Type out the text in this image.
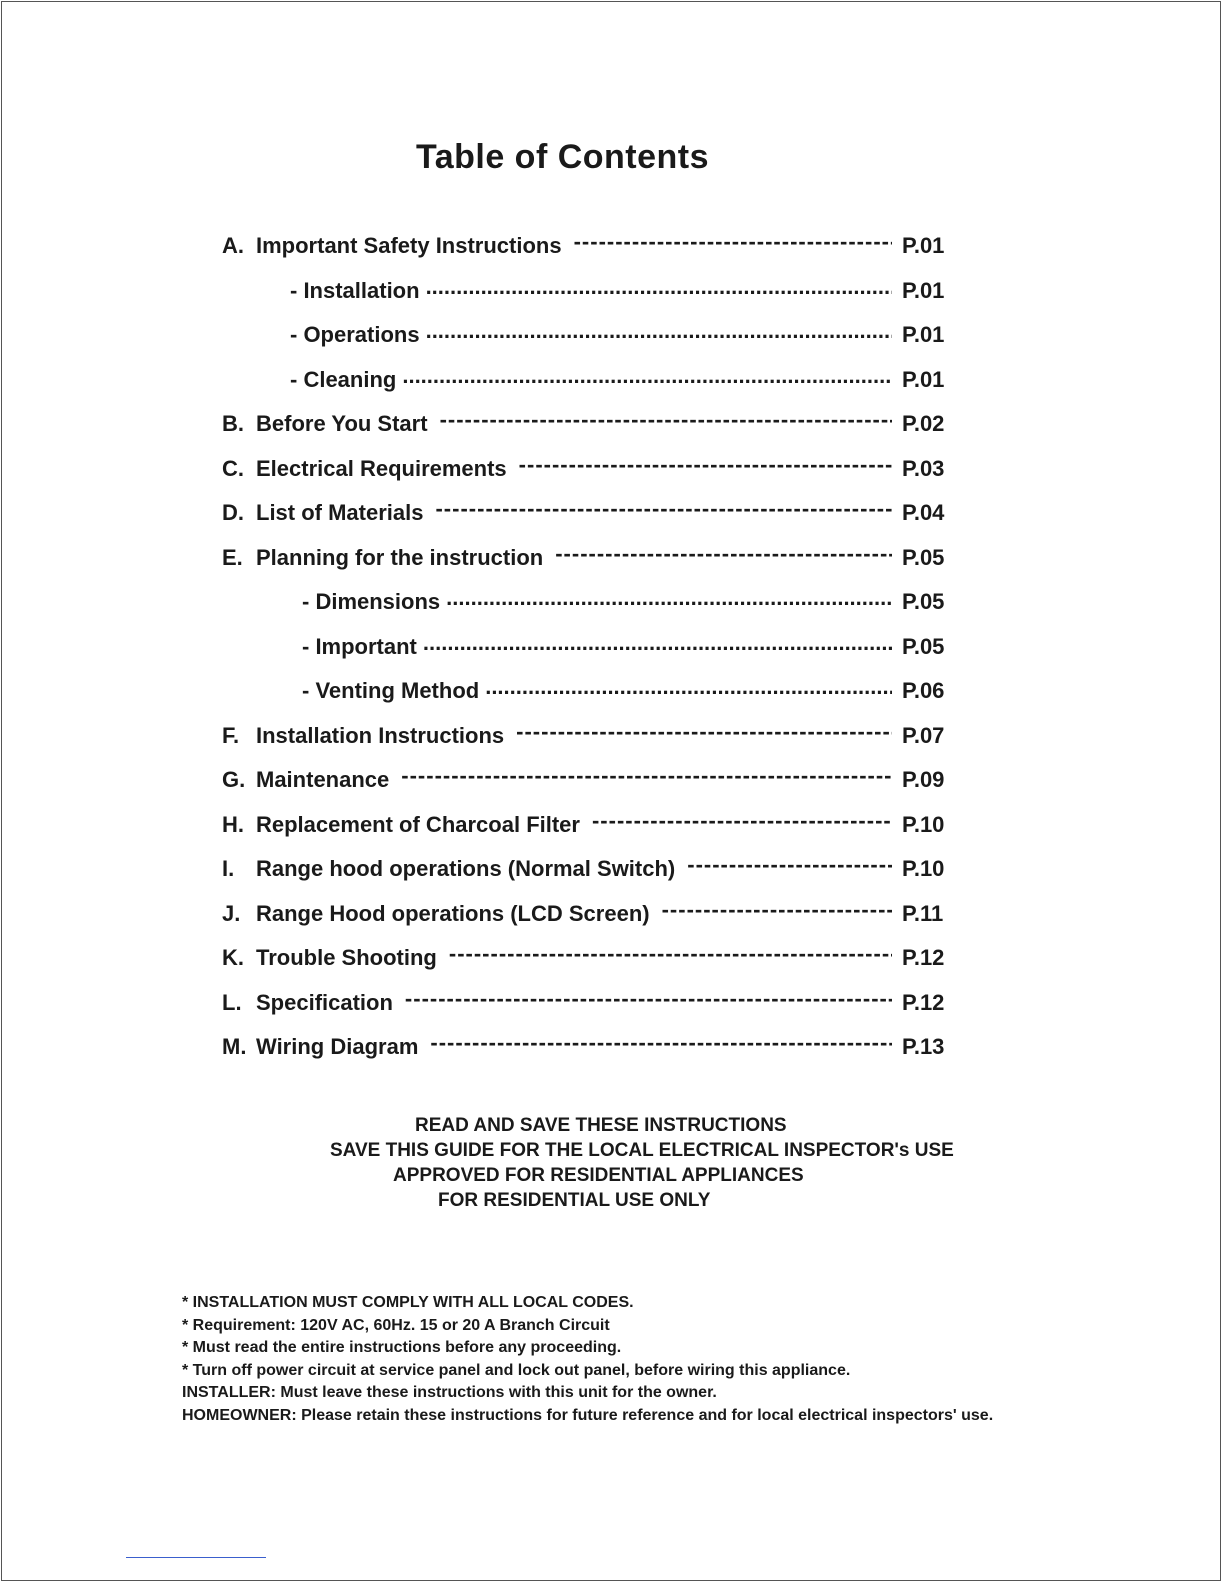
Table of Contents
A. Important Safety Instructions -----	P.01
- Installation .....	P.01
- Operations .....	P.01
- Cleaning .....	P.01
B. Before You Start -----	P.02
C. Electrical Requirements -----	P.03
D. List of Materials -----	P.04
E. Planning for the instruction -----	P.05
- Dimensions .....	P.05
- Important .....	P.05
- Venting Method .....	P.06
F. Installation Instructions -----	P.07
G. Maintenance -----	P.09
H. Replacement of Charcoal Filter -----	P.10
I. Range hood operations (Normal Switch) -----	P.10
J. Range Hood operations (LCD Screen) -----	P.11
K. Trouble Shooting -----	P.12
L. Specification -----	P.12
M. Wiring Diagram -----	P.13
READ AND SAVE THESE INSTRUCTIONS
SAVE THIS GUIDE FOR THE LOCAL ELECTRICAL INSPECTOR's USE
APPROVED FOR RESIDENTIAL APPLIANCES
FOR RESIDENTIAL USE ONLY
* INSTALLATION MUST COMPLY WITH ALL LOCAL CODES.
* Requirement: 120V AC, 60Hz. 15 or 20 A Branch Circuit
* Must read the entire instructions before any proceeding.
* Turn off power circuit at service panel and lock out panel, before wiring this appliance.
INSTALLER: Must leave these instructions with this unit for the owner.
HOMEOWNER: Please retain these instructions for future reference and for local electrical inspectors' use.
